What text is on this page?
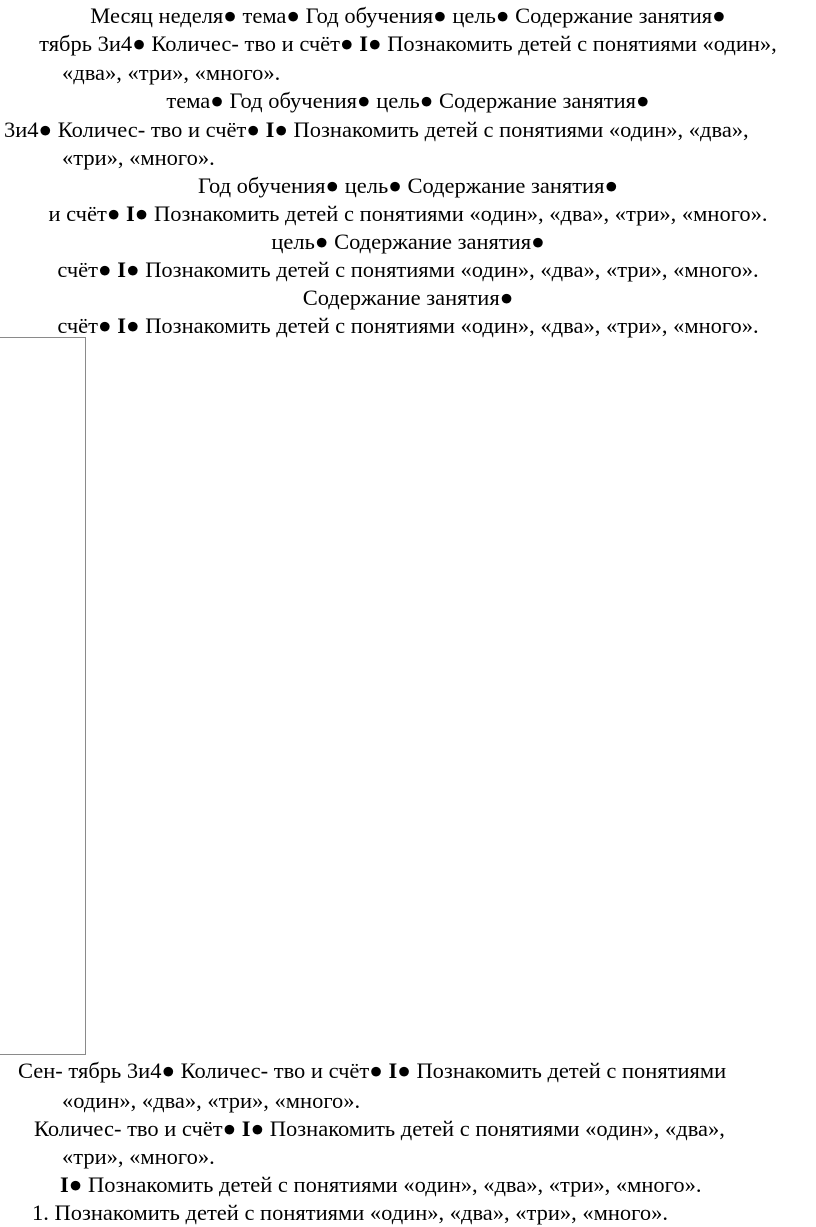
Месяц неделя● тема● Год обучения● цель● Содержание занятия●
тябрь 3и4● Количес- тво и счёт● I● Познакомить детей с понятиями «один»,
«два», «три», «много».
тема● Год обучения● цель● Содержание занятия●
3и4● Количес- тво и счёт● I● Познакомить детей с понятиями «один», «два»,
«три», «много».
Год обучения● цель● Содержание занятия●
и счёт● I● Познакомить детей с понятиями «один», «два», «три», «много».
цель● Содержание занятия●
счёт● I● Познакомить детей с понятиями «один», «два», «три», «много».
Содержание занятия●
счёт● I● Познакомить детей с понятиями «один», «два», «три», «много».
Сен- тябрь 3и4● Количес- тво и счёт● I● Познакомить детей с понятиями
«один», «два», «три», «много».
Количес- тво и счёт● I● Познакомить детей с понятиями «один», «два»,
«три», «много».
I● Познакомить детей с понятиями «один», «два», «три», «много».
1. Познакомить детей с понятиями «один», «два», «три», «много».
